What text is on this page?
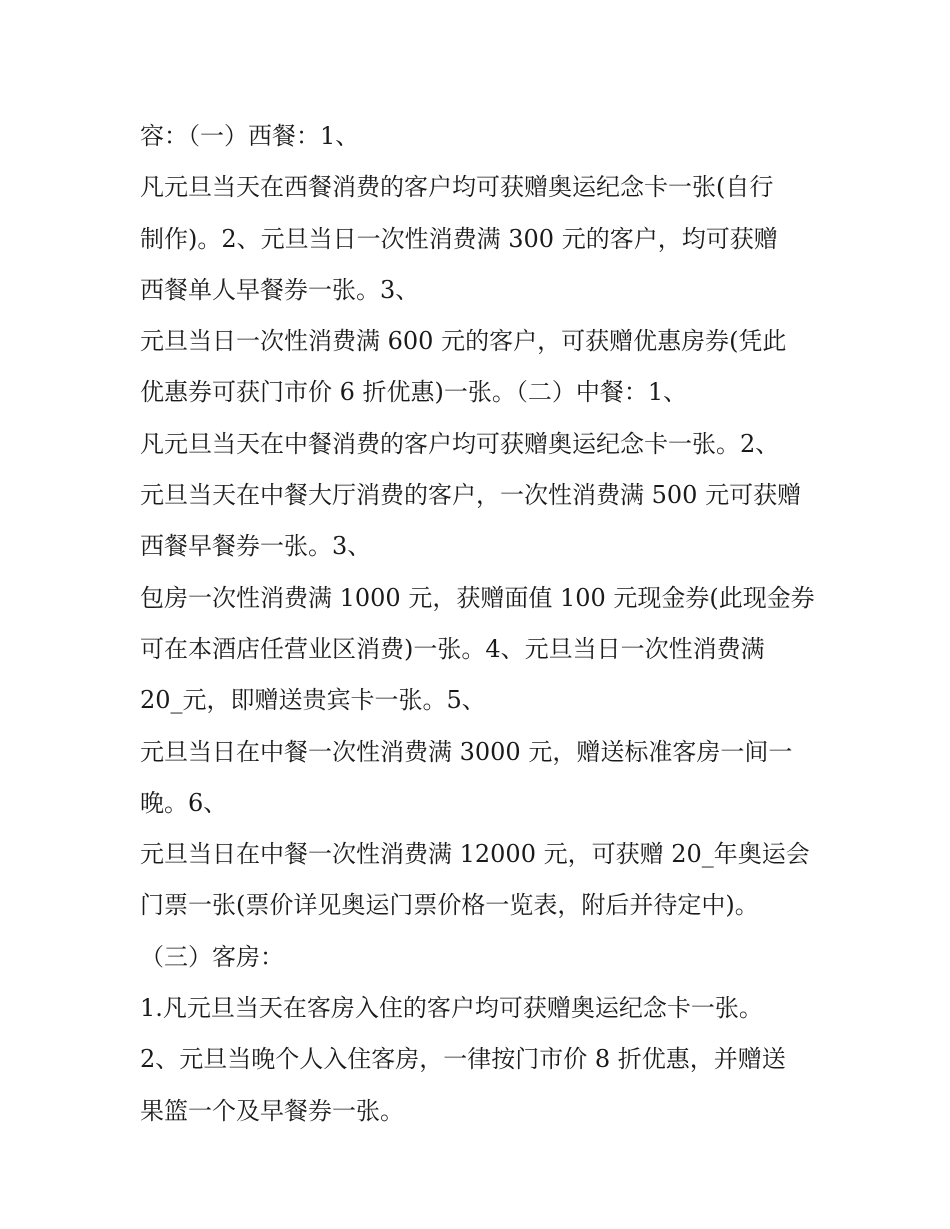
容：（一）西餐：1、

凡元旦当天在西餐消费的客户均可获赠奥运纪念卡一张(自行

制作)。2、元旦当日一次性消费满 300 元的客户，均可获赠

西餐单人早餐券一张。3、

元旦当日一次性消费满 600 元的客户，可获赠优惠房券(凭此

优惠券可获门市价 6 折优惠)一张。（二）中餐：1、

凡元旦当天在中餐消费的客户均可获赠奥运纪念卡一张。2、

元旦当天在中餐大厅消费的客户，一次性消费满 500 元可获赠

西餐早餐券一张。3、

包房一次性消费满 1000 元，获赠面值 100 元现金券(此现金券

可在本酒店任营业区消费)一张。4、元旦当日一次性消费满

20_元，即赠送贵宾卡一张。5、

元旦当日在中餐一次性消费满 3000 元，赠送标准客房一间一

晚。6、

元旦当日在中餐一次性消费满 12000 元，可获赠 20_年奥运会

门票一张(票价详见奥运门票价格一览表，附后并待定中)。

（三）客房：

1.凡元旦当天在客房入住的客户均可获赠奥运纪念卡一张。

2、元旦当晚个人入住客房，一律按门市价 8 折优惠，并赠送

果篮一个及早餐券一张。
